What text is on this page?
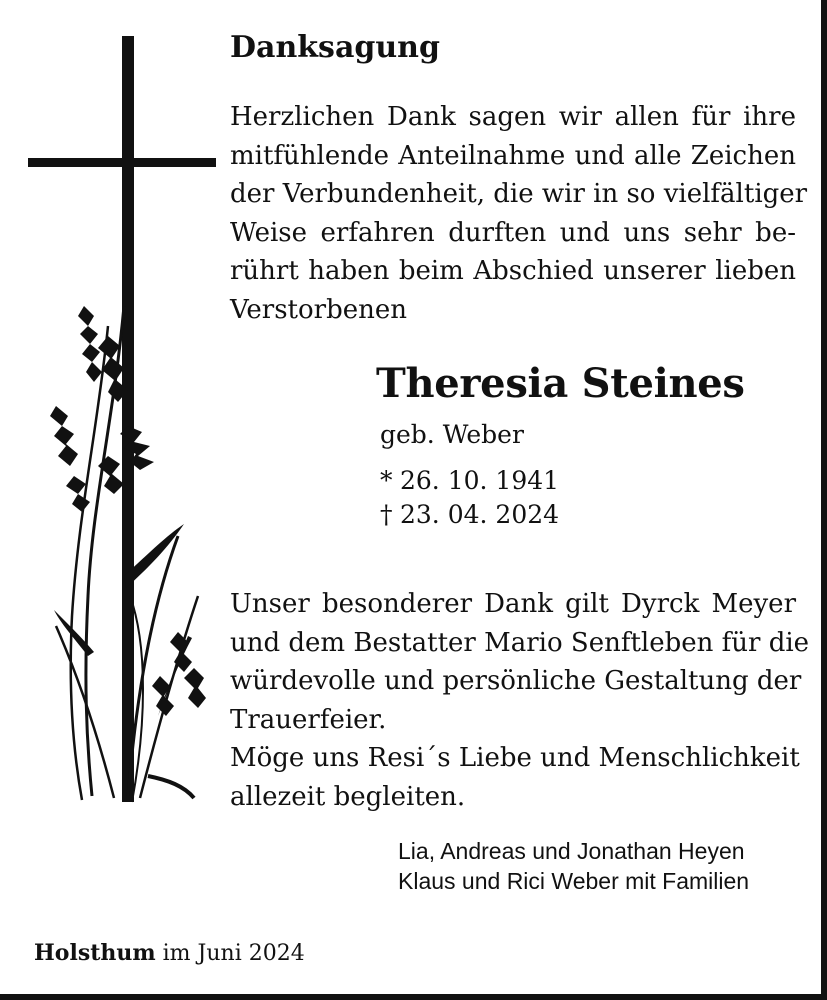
Danksagung

Herzlichen Dank sagen wir allen für ihre
mitfühlende Anteilnahme und alle Zeichen
der Verbundenheit, die wir in so vielfältiger
Weise erfahren durften und uns sehr be-
rührt haben beim Abschied unserer lieben
Verstorbenen

Theresia Steines
geb. Weber
* 26. 10. 1941
† 23. 04. 2024

Unser besonderer Dank gilt Dyrck Meyer
und dem Bestatter Mario Senftleben für die
würdevolle und persönliche Gestaltung der
Trauerfeier.
Möge uns Resi´s Liebe und Menschlichkeit
allezeit begleiten.

Lia, Andreas und Jonathan Heyen
Klaus und Rici Weber mit Familien
Holsthum im Juni 2024
